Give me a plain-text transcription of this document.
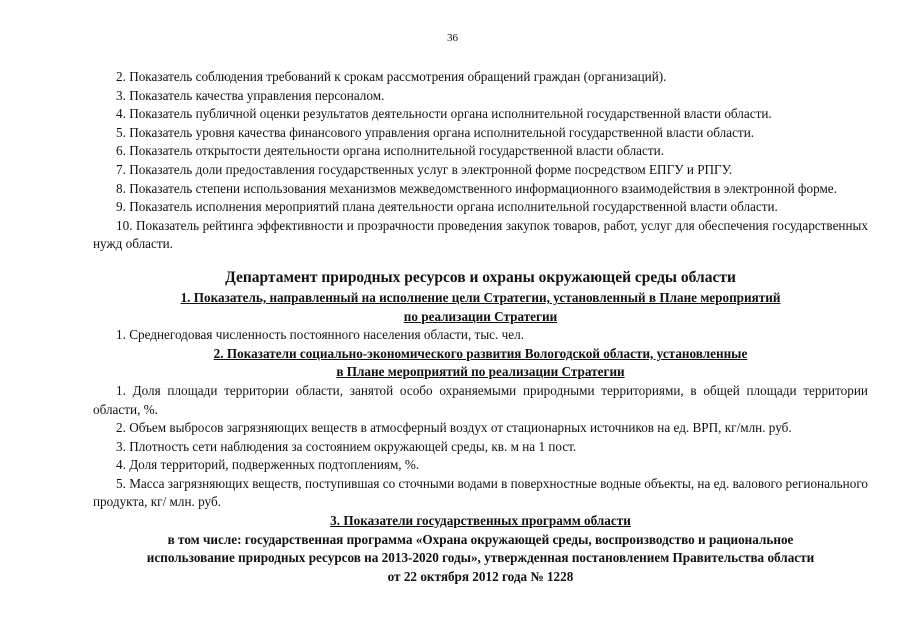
36

2. Показатель соблюдения требований к срокам рассмотрения обращений граждан (организаций).

3. Показатель качества управления персоналом.

4. Показатель публичной оценки результатов деятельности органа исполнительной государственной власти области.

5. Показатель уровня качества финансового управления органа исполнительной государственной власти области.

6. Показатель открытости деятельности органа исполнительной государственной власти области.

7. Показатель доли предоставления государственных услуг в электронной форме посредством ЕПГУ и РПГУ.

8. Показатель степени использования механизмов межведомственного информационного взаимодействия в электронной форме.

9. Показатель исполнения мероприятий плана деятельности органа исполнительной государственной власти области.

10. Показатель рейтинга эффективности и прозрачности проведения закупок товаров, работ, услуг для обеспечения государственных нужд области.

Департамент природных ресурсов и охраны окружающей среды области

1. Показатель, направленный на исполнение цели Стратегии, установленный в Плане мероприятий

по реализации Стратегии

1. Среднегодовая численность постоянного населения области, тыс. чел.

2. Показатели социально-экономического развития Вологодской области, установленные

в Плане мероприятий по реализации Стратегии

1. Доля площади территории области, занятой особо охраняемыми природными территориями, в общей площади территории области, %.

2. Объем выбросов загрязняющих веществ в атмосферный воздух от стационарных источников на ед. ВРП, кг/млн. руб.

3. Плотность сети наблюдения за состоянием окружающей среды, кв. м на 1 пост.

4. Доля территорий, подверженных подтоплениям, %.

5. Масса загрязняющих веществ, поступившая со сточными водами в поверхностные водные объекты, на ед. валового регионального продукта, кг/ млн. руб.

3. Показатели государственных программ области

в том числе: государственная программа «Охрана окружающей среды, воспроизводство и рациональное

использование природных ресурсов на 2013-2020 годы», утвержденная постановлением Правительства области

от 22 октября 2012 года № 1228
